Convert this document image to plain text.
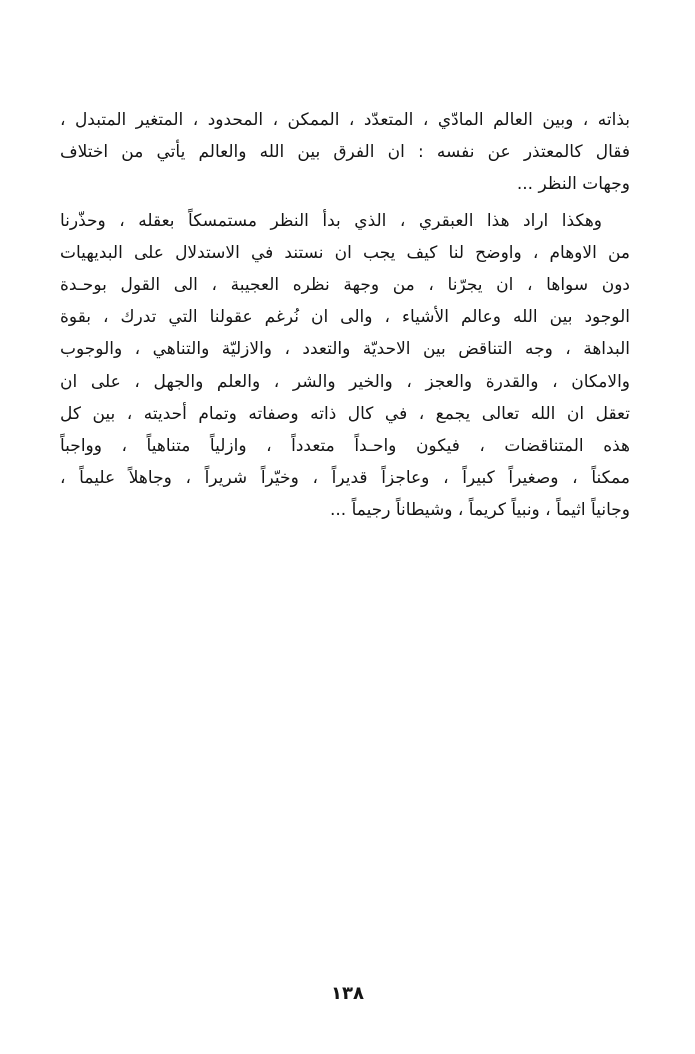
بذاته ، وبين العالم المادّي ، المتعدّد ، الممكن ، المحدود ، المتغير المتبدل ،
فقال كالمعتذر عن نفسه : ان الفرق بين الله والعالم يأتي من اختلاف
وجهات النظر ...
وهكذا اراد هذا العبقري ، الذي بدأ النظر مستمسكاً بعقله ، وحذّرنا
من الاوهام ، واوضح لنا كيف يجب ان نستند في الاستدلال على البديهيات
دون سواها ، ان يجرّنا ، من وجهة نظره العجيبة ، الى القول بوحـدة
الوجود بين الله وعالم الأشياء ، والى ان نُرغم عقولنا التي تدرك ، بقوة
البداهة ، وجه التناقض بين الاحديّة والتعدد ، والازليّة والتناهي ، والوجوب
والامكان ، والقدرة والعجز ، والخير والشر ، والعلم والجهل ، على ان
تعقل ان الله تعالى يجمع ، في كال ذاته وصفاته وتمام أحديته ، بين كل
هذه المتناقضات ، فيكون واحـداً متعدداً ، وازلياً متناهياً ، وواجباً
ممكناً ، وصغيراً كبيراً ، وعاجزاً قديراً ، وخيّراً شريراً ، وجاهلاً عليماً ،
وجانياً اثيماً ، ونبياً كريماً ، وشيطاناً رجيماً ...
١٣٨
